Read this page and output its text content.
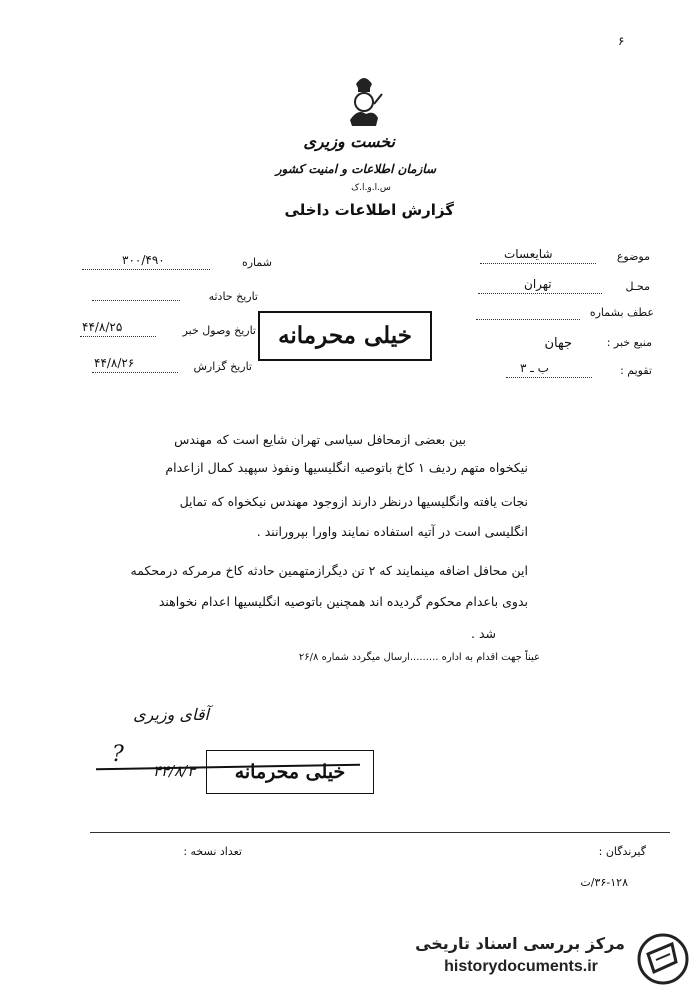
۶
نخست وزیری
سازمان اطلاعات و امنیت کشور
س.ا.و.ا.ک
گزارش اطلاعات داخلی
شماره
۳۰۰/۴۹۰
تاریخ حادثه
تاریخ وصول خبر
۴۴/۸/۲۵
تاریخ گزارش
۴۴/۸/۲۶
خیلی محرمانه
موضوع
شایعسات
محـل
تهران
عطف بشماره
منبع خبر :
جهان
تقویم :
ب ـ ۳
بین بعضی ازمحافل سیاسی تهران شایع است که مهندس
نیکخواه متهم ردیف ۱ کاخ باتوصیه انگلیسیها ونفوذ سپهبد کمال ازاعدام
نجات یافته وانگلیسیها درنظر دارند ازوجود مهندس نیکخواه که تمایل
انگلیسی است در آتیه استفاده نمایند واورا بپرورانند .
این محافل اضافه مینمایند که ۲ تن دیگرازمتهمین حادثه کاخ مرمرکه درمحکمه
بدوی باعدام محکوم گردیده اند همچنین باتوصیه انگلیسیها اعدام نخواهند
شد .
عیناً جهت اقدام به اداره .........ارسال میگردد شماره ۲۶/۸
آقای وزیری
?
۴۴/۸/۳	خیلی محرمانه
گیرندگان :
تعداد نسخه :
۳۶-۱۲۸/ت
مرکز بررسی اسناد تاریخی
historydocuments.ir
